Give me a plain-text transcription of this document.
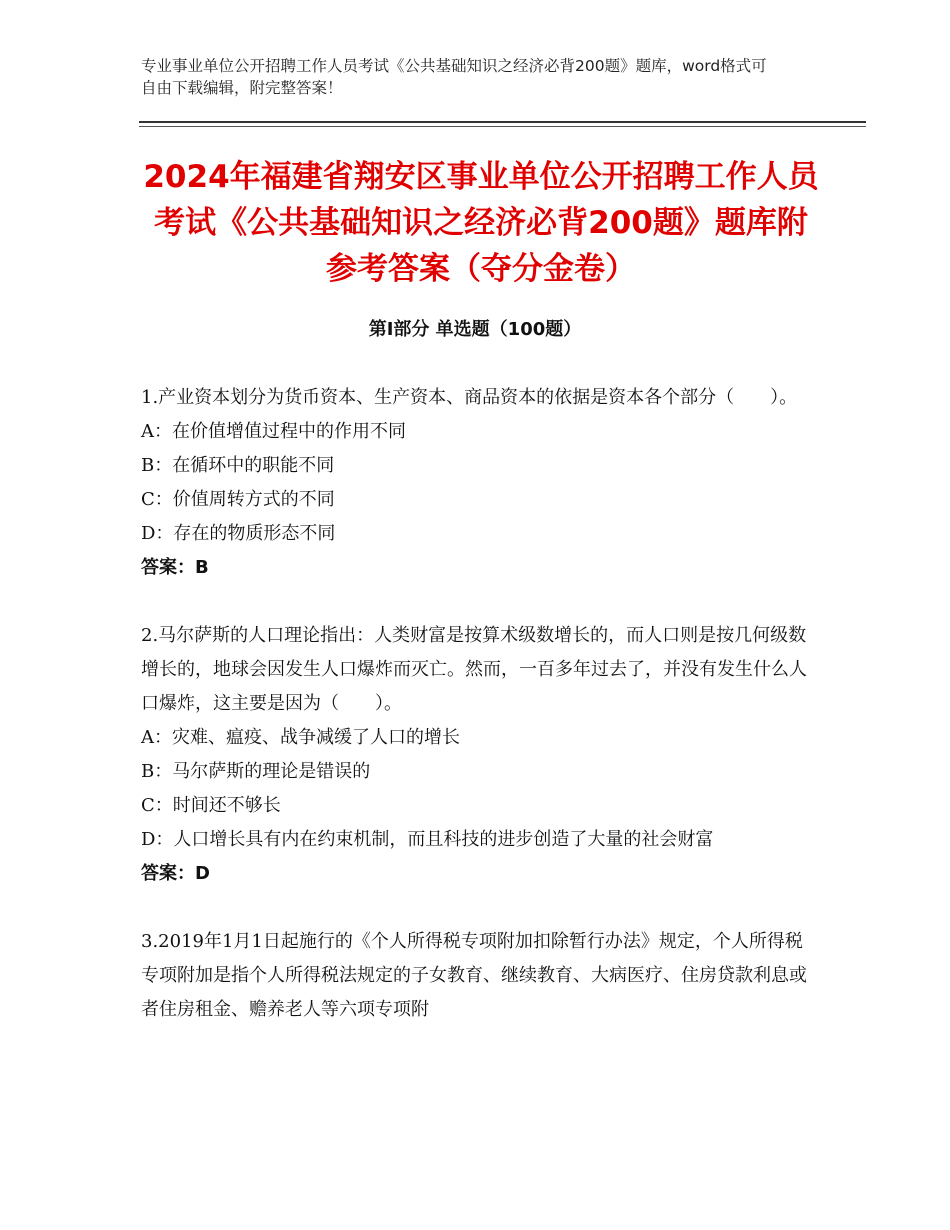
专业事业单位公开招聘工作人员考试《公共基础知识之经济必背200题》题库，word格式可自由下载编辑，附完整答案！
2024年福建省翔安区事业单位公开招聘工作人员考试《公共基础知识之经济必背200题》题库附参考答案（夺分金卷）
第I部分 单选题（100题）

1.产业资本划分为货币资本、生产资本、商品资本的依据是资本各个部分（　　）。

A：在价值增值过程中的作用不同

B：在循环中的职能不同

C：价值周转方式的不同

D：存在的物质形态不同

答案：B

2.马尔萨斯的人口理论指出：人类财富是按算术级数增长的，而人口则是按几何级数增长的，地球会因发生人口爆炸而灭亡。然而，一百多年过去了，并没有发生什么人口爆炸，这主要是因为（　　）。

A：灾难、瘟疫、战争减缓了人口的增长

B：马尔萨斯的理论是错误的

C：时间还不够长

D：人口增长具有内在约束机制，而且科技的进步创造了大量的社会财富

答案：D

3.2019年1月1日起施行的《个人所得税专项附加扣除暂行办法》规定，个人所得税专项附加是指个人所得税法规定的子女教育、继续教育、大病医疗、住房贷款利息或者住房租金、赡养老人等六项专项附
